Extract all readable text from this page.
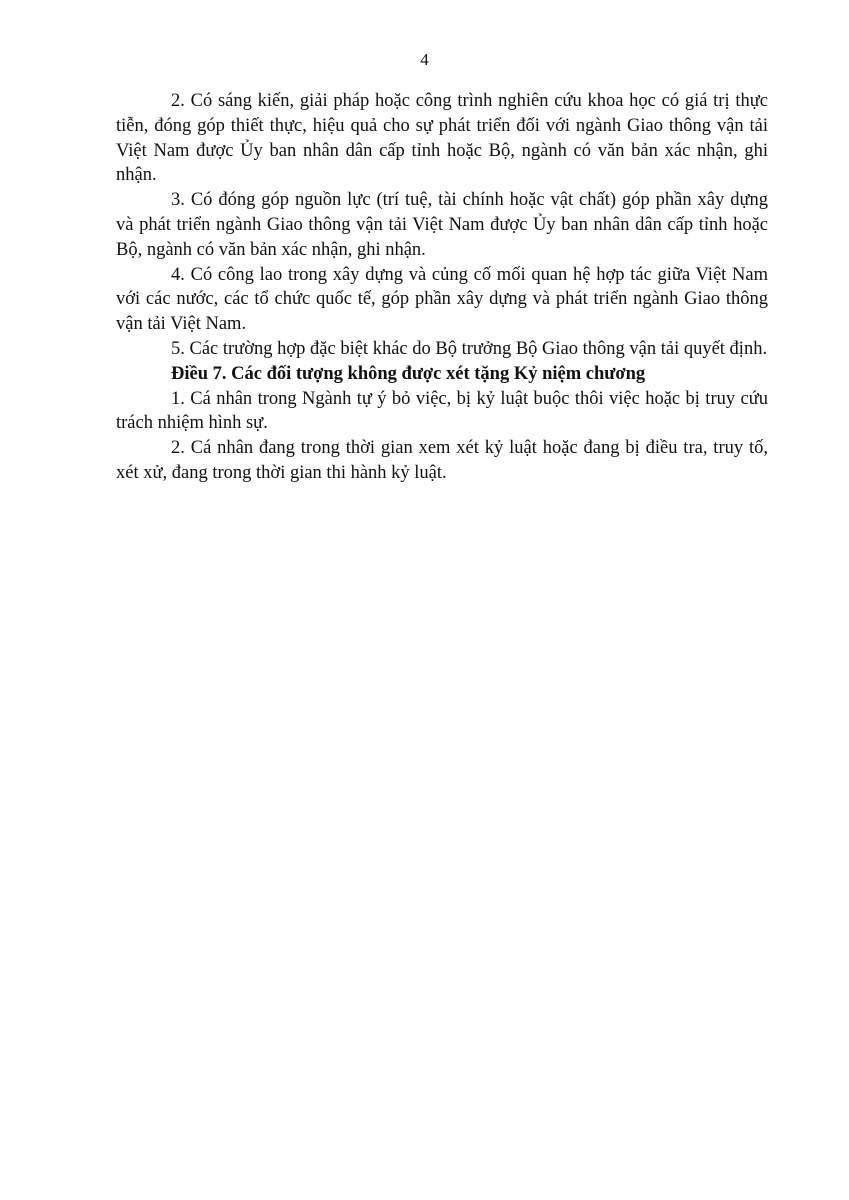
4

2. Có sáng kiến, giải pháp hoặc công trình nghiên cứu khoa học có giá trị thực tiễn, đóng góp thiết thực, hiệu quả cho sự phát triển đối với ngành Giao thông vận tải Việt Nam được Ủy ban nhân dân cấp tỉnh hoặc Bộ, ngành có văn bản xác nhận, ghi nhận.

3. Có đóng góp nguồn lực (trí tuệ, tài chính hoặc vật chất) góp phần xây dựng và phát triển ngành Giao thông vận tải Việt Nam được Ủy ban nhân dân cấp tỉnh hoặc Bộ, ngành có văn bản xác nhận, ghi nhận.

4. Có công lao trong xây dựng và củng cố mối quan hệ hợp tác giữa Việt Nam với các nước, các tổ chức quốc tế, góp phần xây dựng và phát triển ngành Giao thông vận tải Việt Nam.

5. Các trường hợp đặc biệt khác do Bộ trưởng Bộ Giao thông vận tải quyết định.

Điều 7. Các đối tượng không được xét tặng Kỷ niệm chương

1. Cá nhân trong Ngành tự ý bỏ việc, bị kỷ luật buộc thôi việc hoặc bị truy cứu trách nhiệm hình sự.

2. Cá nhân đang trong thời gian xem xét kỷ luật hoặc đang bị điều tra, truy tố, xét xử, đang trong thời gian thi hành kỷ luật.
